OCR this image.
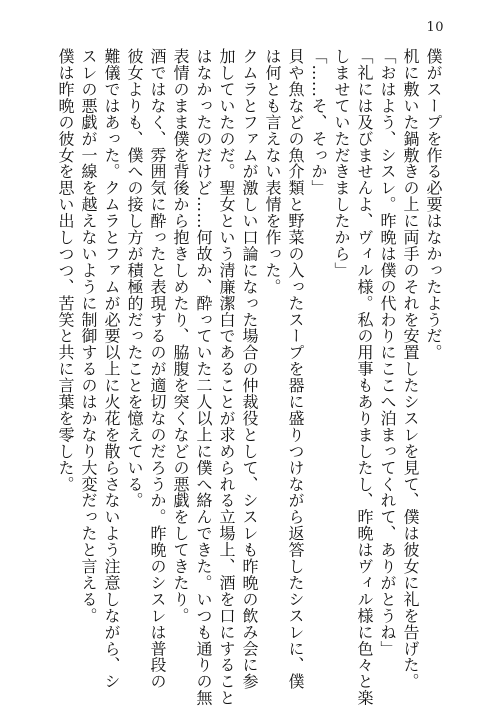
10
僕がスープを作る必要はなかったようだ。
机に敷いた鍋敷きの上に両手のそれを安置したシスレを見て、僕は彼女に礼を告げた。
「おはよう、シスレ。昨晩は僕の代わりにここへ泊まってくれて、ありがとうね」
「礼には及びませんよ、ヴィル様。私の用事もありましたし、昨晩はヴィル様に色々と楽
しませていただきましたから」
「……そ、そっか」
貝や魚などの魚介類と野菜の入ったスープを器に盛りつけながら返答したシスレに、僕
は何とも言えない表情を作った。
クムラとファムが激しい口論になった場合の仲裁役として、シスレも昨晩の飲み会に参
加していたのだ。聖女という清廉潔白であることが求められる立場上、酒を口にすること
はなかったのだけど……何故か、酔っていた二人以上に僕へ絡んできた。いつも通りの無
表情のまま僕を背後から抱きしめたり、脇腹を突くなどの悪戯をしてきたり。
酒ではなく、雰囲気に酔ったと表現するのが適切なのだろうか。昨晩のシスレは普段の
彼女よりも、僕への接し方が積極的だったことを憶えている。
難儀ではあった。クムラとファムが必要以上に火花を散らさないよう注意しながら、シ
スレの悪戯が一線を越えないように制御するのはかなり大変だったと言える。
僕は昨晩の彼女を思い出しつつ、苦笑と共に言葉を零した。
